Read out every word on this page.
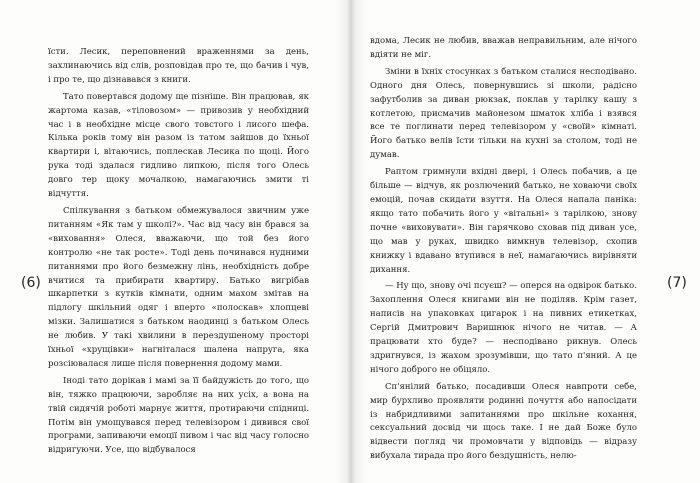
їсти. Лесик, переповнений враженнями за день, захлинаючись від слів, розповідав про те, що бачив і чув, і про те, що дізнавався з книги.

Тато повертався додому ще пізніше. Він працював, як жартома казав, «тіловозом» — привозив у необхідний час і в необхідне місце свого товстого і лисого шефа. Кілька років тому він разом із татом зайшов до їхньої квартири і, вітаючись, поплескав Лесика по щоці. Його рука тоді здалася гидливо липкою, після того Олесь довго тер щоку мочалкою, намагаючись змити ті відчуття.

Спілкування з батьком обмежувалося звичним уже питанням «Як там у школі?». Час від часу він брався за «виховання» Олеся, вважаючи, що той без його контролю «не так росте». Тоді день починався нудними питаннями про його безмежну лінь, необхідність добре вчитися та прибирати квартиру. Батько вигрібав шкарпетки з кутків кімнати, одним махом змітав на підлогу шкільний одяг і вперто «полоскав» хлопцеві мізки. Залишатися з батьком наодинці з батьком Олесь не любив. У такі хвилини в перездушеному просторі їхньої «хрущівки» нагніталася шалена напруга, яка розсіювалася лише після повернення додому мами.

Іноді тато дорікав і мамі за її байдужість до того, що він, тяжко працюючи, заробляє на них усіх, а вона на твій сидячій роботі марнує життя, протираючи спідниці. Потім він умощувався перед телевізором і дивився свої програми, запиваючи емоції пивом і час від часу голосно відригуючи. Усе, що відбувалося

(6)

вдома, Лесик не любив, вважав неправильним, але нічого вдіяти не міг.

Зміни в їхніх стосунках з батьком сталися несподівано. Одного дня Олесь, повернувшись зі школи, радісно зафутболив за диван рюкзак, поклав у тарілку кашу з котлетою, присмачив майонезом шматок хліба і взявся все те поглинати перед телевізором у «своїй» кімнаті. Його батько велів їсти тільки на кухні за столом, тоді не думав.

Раптом гримнули вхідні двері, і Олесь побачив, а це більше — відчув, як розлючений батько, не ховаючи своїх емоцій, почав скидати взуття. На Олеся напала паніка: якщо тато побачить його у «вітальні» з тарілкою, знову почне «виховувати». Він гарячково сховав під диван усе, що мав у руках, швидко вимкнув телевізор, схопив книжку і вдавано втупився в неї, намагаючись вирівняти дихання.

— Ну що, знову очі псуєш? — оперся на одвірок батько. Захоплення Олеся книгами він не поділяв. Крім газет, написів на упаковках цигарок і на пивних етикетках, Сергій Дмитрович Варишнюк нічого не читав. — А працювати хто буде? — несподівано рикнув. Олесь здригнувся, із жахом зрозумівши, що тато п'яний. А це нічого доброго не обіцяло.

Сп'янілий батько, посадивши Олеся навпроти себе, мир бурхливо проявляти родинні почуття або напосідати із набридливими запитаннями про шкільне кохання, сексуальний досвід чи щось таке. І не дай Боже було відвести погляд чи промовчати у відповідь — відразу вибухала тирада про його бездушність, нелю-

(7)
